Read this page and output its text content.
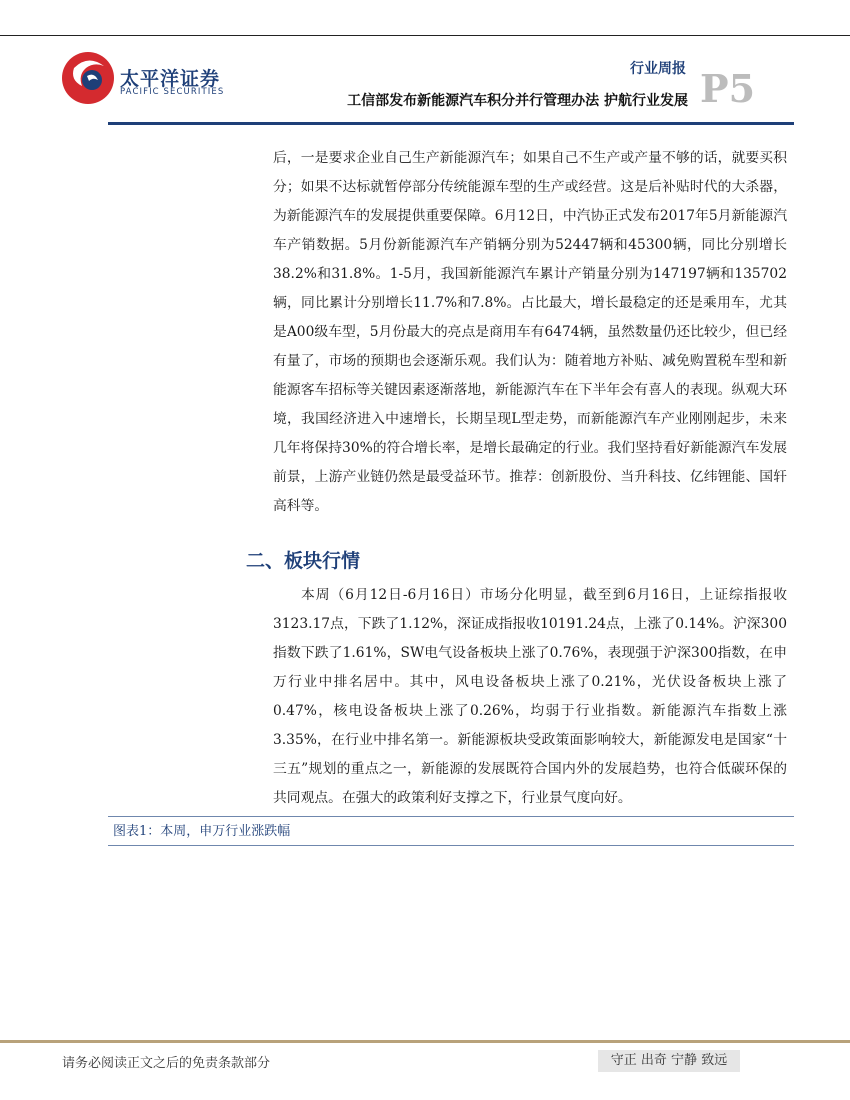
太平洋证券
PACIFIC SECURITIES
行业周报
工信部发布新能源汽车积分并行管理办法 护航行业发展 P5

后，一是要求企业自己生产新能源汽车；如果自己不生产或产量不够的话，就要买积分；如果不达标就暂停部分传统能源车型的生产或经营。这是后补贴时代的大杀器，为新能源汽车的发展提供重要保障。6月12日，中汽协正式发布2017年5月新能源汽车产销数据。5月份新能源汽车产销辆分别为52447辆和45300辆，同比分别增长38.2%和31.8%。1-5月，我国新能源汽车累计产销量分别为147197辆和135702辆，同比累计分别增长11.7%和7.8%。占比最大，增长最稳定的还是乘用车，尤其是A00级车型，5月份最大的亮点是商用车有6474辆，虽然数量仍还比较少，但已经有量了，市场的预期也会逐渐乐观。我们认为：随着地方补贴、减免购置税车型和新能源客车招标等关键因素逐渐落地，新能源汽车在下半年会有喜人的表现。纵观大环境，我国经济进入中速增长，长期呈现L型走势，而新能源汽车产业刚刚起步，未来几年将保持30%的符合增长率，是增长最确定的行业。我们坚持看好新能源汽车发展前景，上游产业链仍然是最受益环节。推荐：创新股份、当升科技、亿纬锂能、国轩高科等。

二、板块行情

本周（6月12日-6月16日）市场分化明显，截至到6月16日，上证综指报收3123.17点，下跌了1.12%，深证成指报收10191.24点，上涨了0.14%。沪深300指数下跌了1.61%，SW电气设备板块上涨了0.76%，表现强于沪深300指数，在申万行业中排名居中。其中，风电设备板块上涨了0.21%，光伏设备板块上涨了0.47%，核电设备板块上涨了0.26%，均弱于行业指数。新能源汽车指数上涨3.35%，在行业中排名第一。新能源板块受政策面影响较大，新能源发电是国家“十三五”规划的重点之一，新能源的发展既符合国内外的发展趋势，也符合低碳环保的共同观点。在强大的政策利好支撑之下，行业景气度向好。

图表1：本周，申万行业涨跌幅
请务必阅读正文之后的免责条款部分	守正 出奇 宁静 致远
